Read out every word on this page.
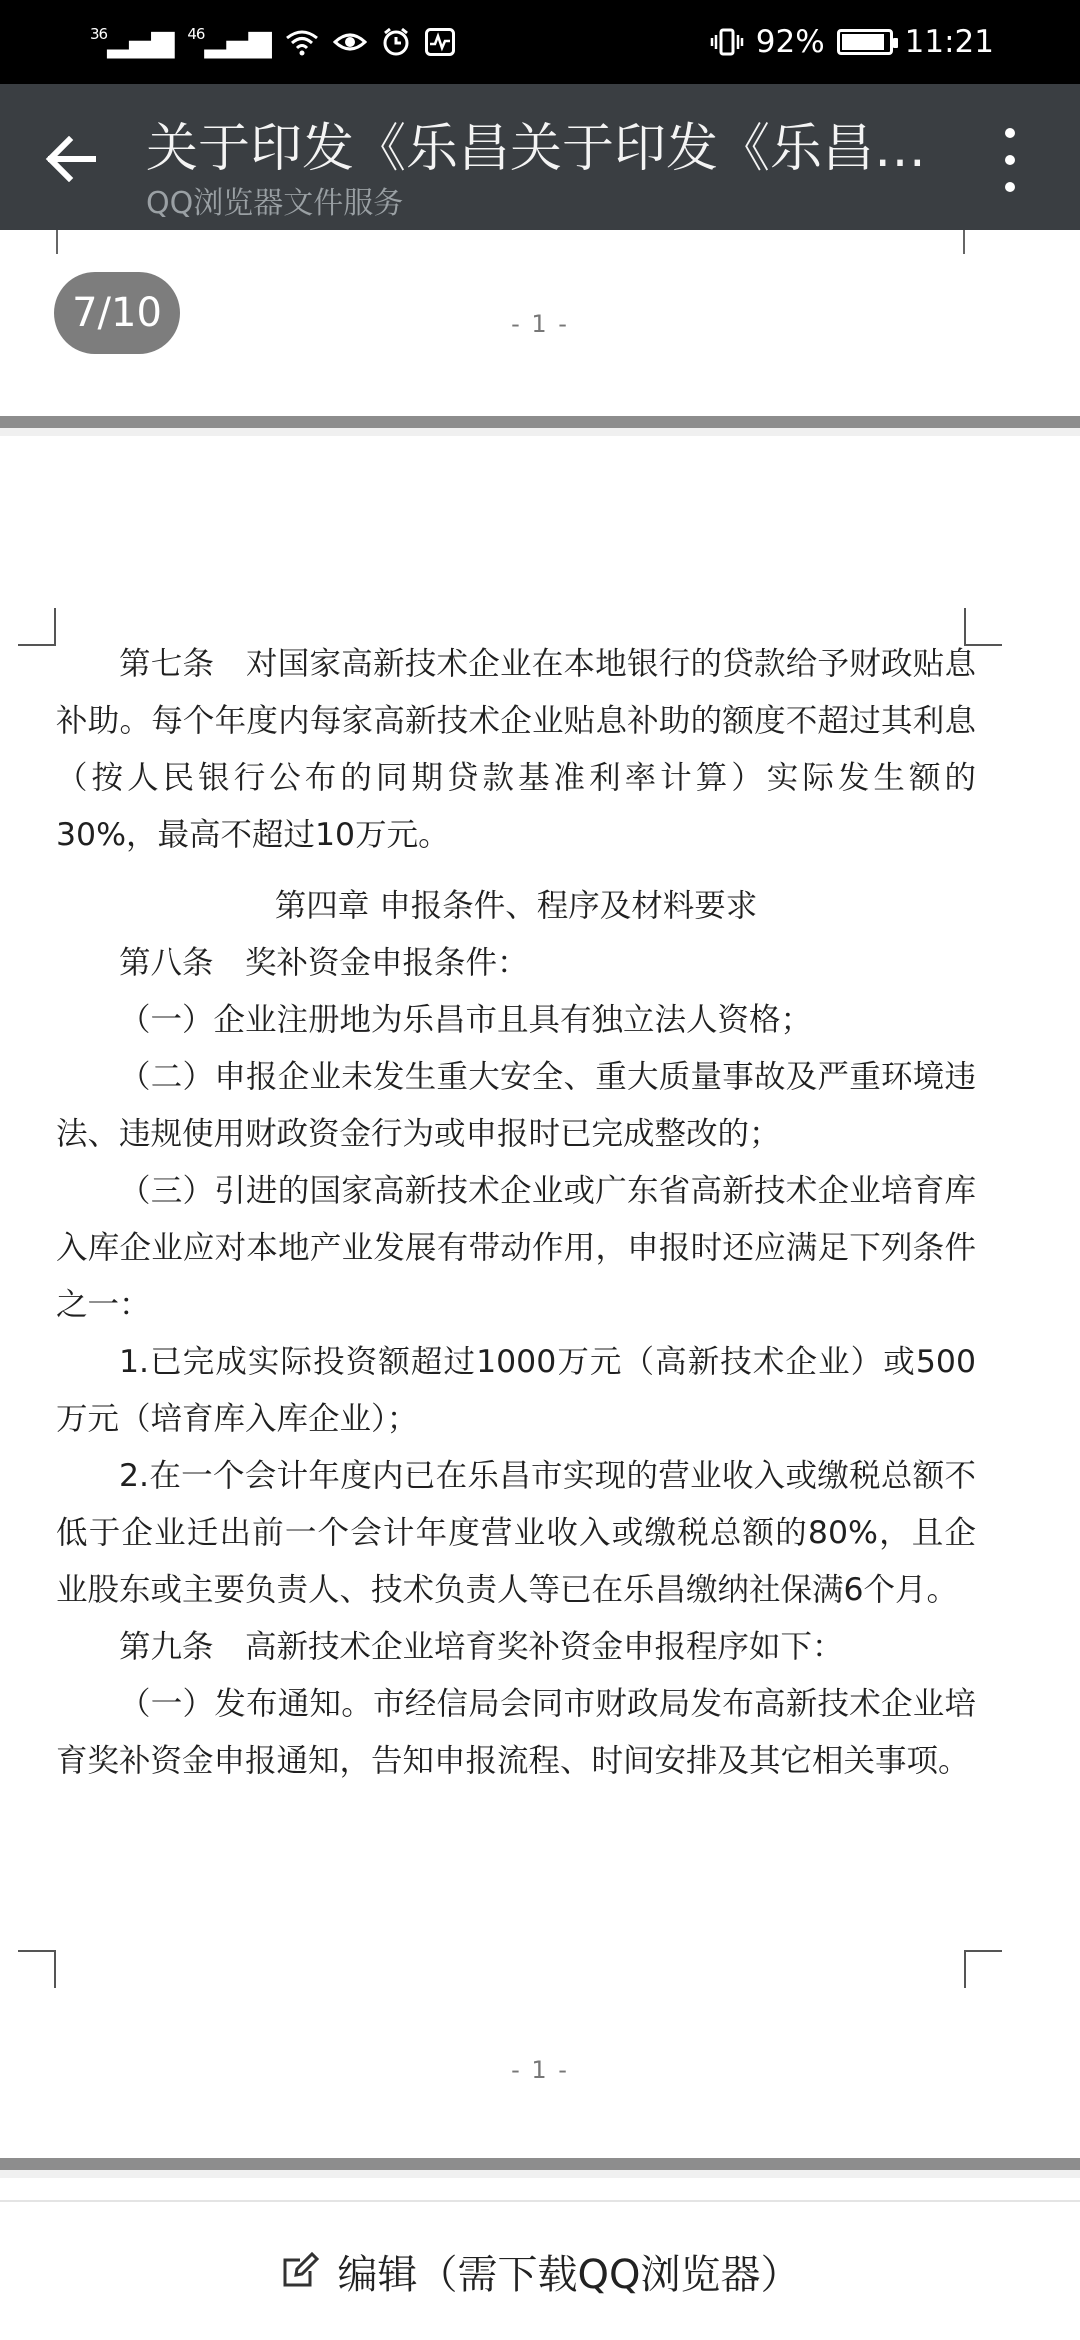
$^{36}$▂▄▆ $^{46}$▂▄▆	92%	11:21
关于印发《乐昌关于印发《乐昌…
QQ浏览器文件服务
- 1 -
7/10

第七条　对国家高新技术企业在本地银行的贷款给予财政贴息补助。每个年度内每家高新技术企业贴息补助的额度不超过其利息（按人民银行公布的同期贷款基准利率计算）实际发生额的30%，最高不超过10万元。

第四章 申报条件、程序及材料要求

第八条　奖补资金申报条件：

（一）企业注册地为乐昌市且具有独立法人资格；

（二）申报企业未发生重大安全、重大质量事故及严重环境违法、违规使用财政资金行为或申报时已完成整改的；

（三）引进的国家高新技术企业或广东省高新技术企业培育库入库企业应对本地产业发展有带动作用，申报时还应满足下列条件之一：

1.已完成实际投资额超过1000万元（高新技术企业）或500万元（培育库入库企业）；

2.在一个会计年度内已在乐昌市实现的营业收入或缴税总额不低于企业迁出前一个会计年度营业收入或缴税总额的80%，且企业股东或主要负责人、技术负责人等已在乐昌缴纳社保满6个月。

第九条　高新技术企业培育奖补资金申报程序如下：

（一）发布通知。市经信局会同市财政局发布高新技术企业培育奖补资金申报通知，告知申报流程、时间安排及其它相关事项。

- 1 -
编辑（需下载QQ浏览器）
